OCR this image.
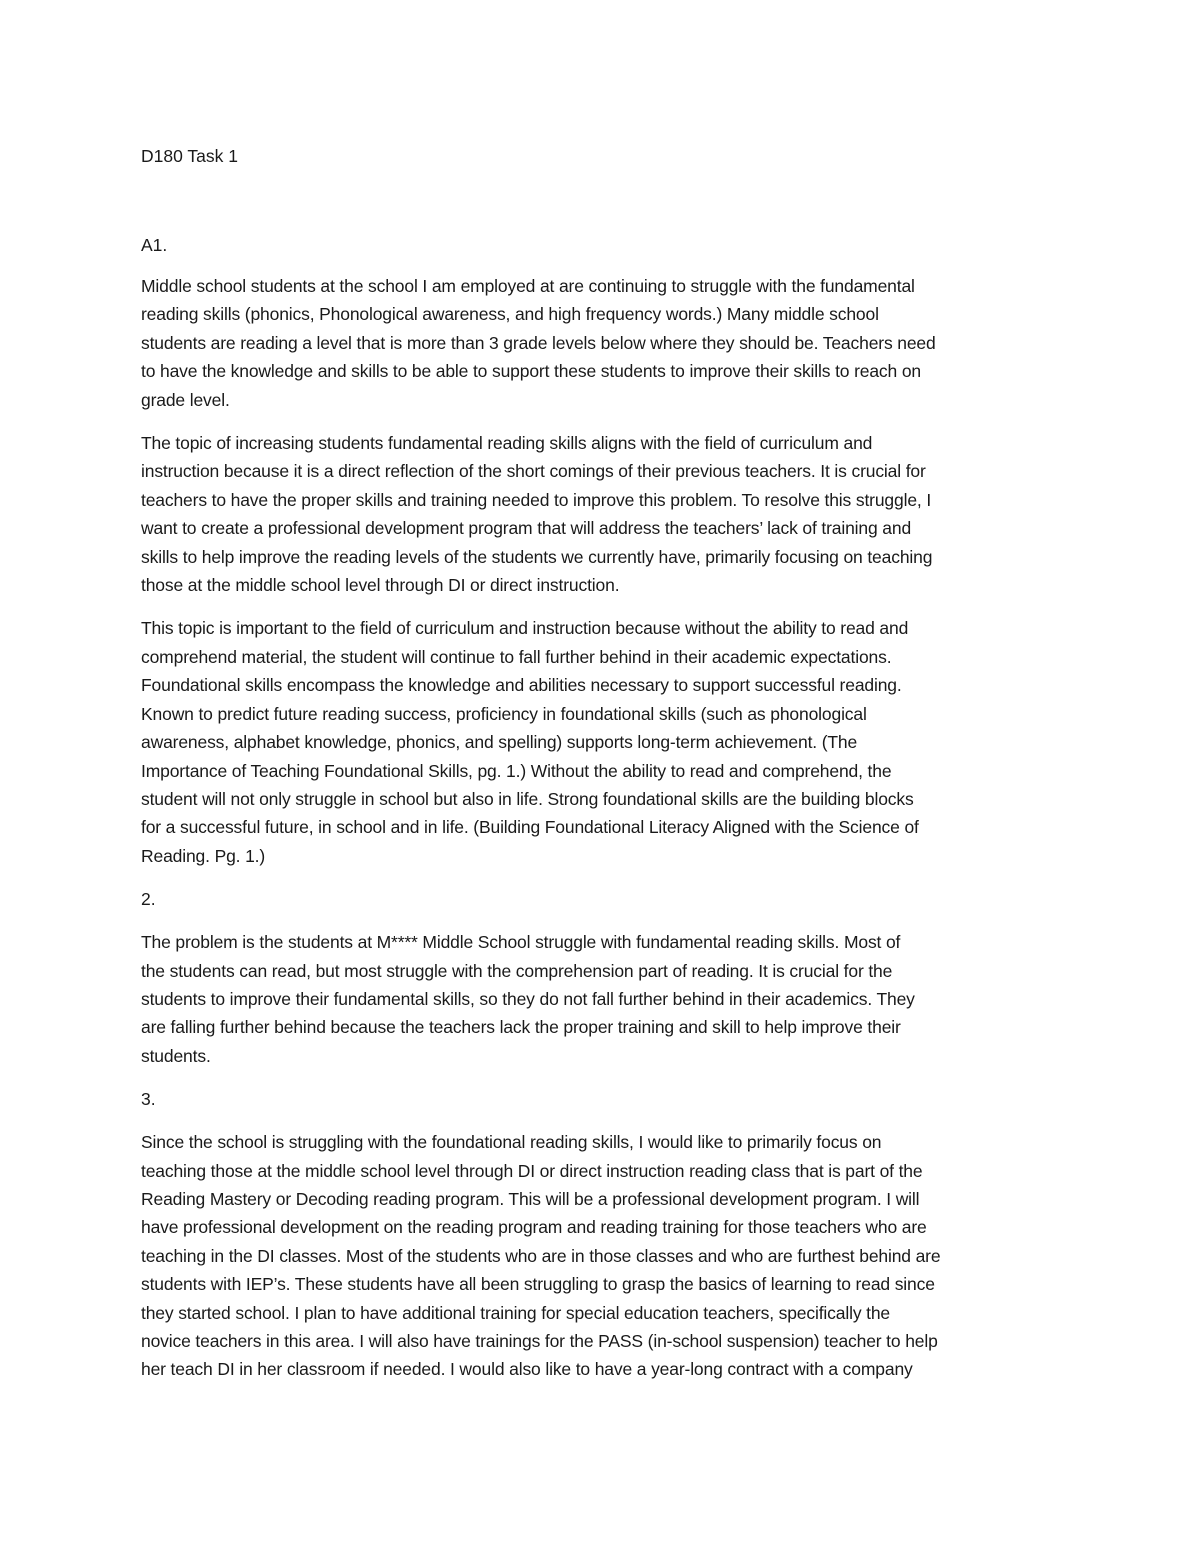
D180 Task 1

A1.

Middle school students at the school I am employed at are continuing to struggle with the fundamental
reading skills (phonics, Phonological awareness, and high frequency words.) Many middle school
students are reading a level that is more than 3 grade levels below where they should be. Teachers need
to have the knowledge and skills to be able to support these students to improve their skills to reach on
grade level.

The topic of increasing students fundamental reading skills aligns with the field of curriculum and
instruction because it is a direct reflection of the short comings of their previous teachers. It is crucial for
teachers to have the proper skills and training needed to improve this problem. To resolve this struggle, I
want to create a professional development program that will address the teachers’ lack of training and
skills to help improve the reading levels of the students we currently have, primarily focusing on teaching
those at the middle school level through DI or direct instruction.

This topic is important to the field of curriculum and instruction because without the ability to read and
comprehend material, the student will continue to fall further behind in their academic expectations.
Foundational skills encompass the knowledge and abilities necessary to support successful reading.
Known to predict future reading success, proficiency in foundational skills (such as phonological
awareness, alphabet knowledge, phonics, and spelling) supports long-term achievement. (The
Importance of Teaching Foundational Skills, pg. 1.) Without the ability to read and comprehend, the
student will not only struggle in school but also in life. Strong foundational skills are the building blocks
for a successful future, in school and in life. (Building Foundational Literacy Aligned with the Science of
Reading. Pg. 1.)

2.

The problem is the students at M**** Middle School struggle with fundamental reading skills. Most of
the students can read, but most struggle with the comprehension part of reading. It is crucial for the
students to improve their fundamental skills, so they do not fall further behind in their academics. They
are falling further behind because the teachers lack the proper training and skill to help improve their
students.

3.

Since the school is struggling with the foundational reading skills, I would like to primarily focus on
teaching those at the middle school level through DI or direct instruction reading class that is part of the
Reading Mastery or Decoding reading program. This will be a professional development program. I will
have professional development on the reading program and reading training for those teachers who are
teaching in the DI classes. Most of the students who are in those classes and who are furthest behind are
students with IEP’s. These students have all been struggling to grasp the basics of learning to read since
they started school. I plan to have additional training for special education teachers, specifically the
novice teachers in this area. I will also have trainings for the PASS (in-school suspension) teacher to help
her teach DI in her classroom if needed. I would also like to have a year-long contract with a company
